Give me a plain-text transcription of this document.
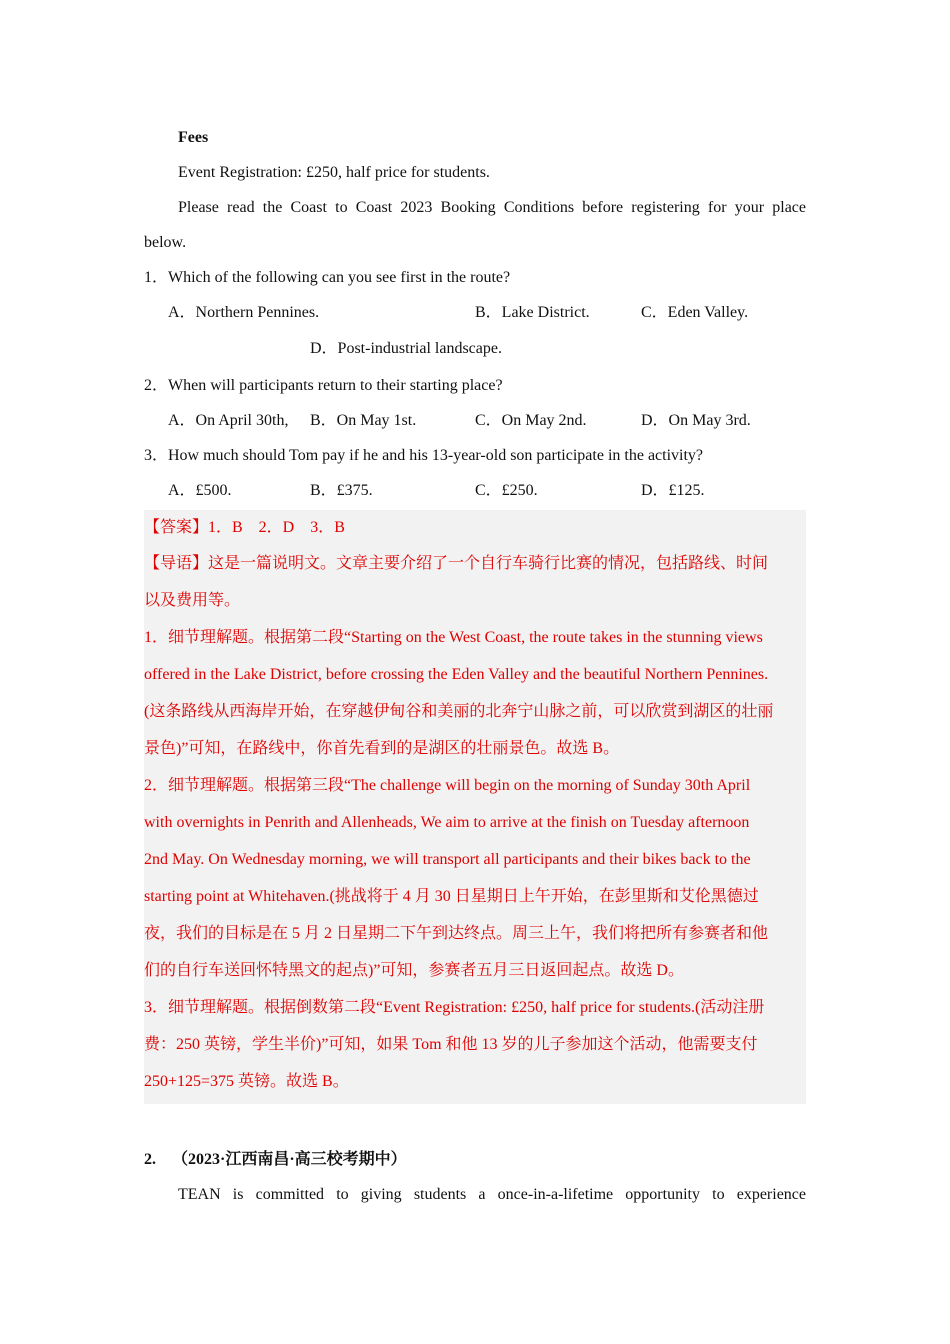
Fees
Event Registration: £250, half price for students.
Please read the Coast to Coast 2023 Booking Conditions before registering for your place
below.
1．Which of the following can you see first in the route?
A．Northern Pennines.	B．Lake District.	C．Eden Valley.
D．Post-industrial landscape.
2．When will participants return to their starting place?
A．On April 30th, B．On May 1st.	C．On May 2nd.	D．On May 3rd.
3．How much should Tom pay if he and his 13-year-old son participate in the activity?
A．£500.	B．£375.	C．£250.	D．£125.
【答案】1．B　2．D　3．B
【导语】这是一篇说明文。文章主要介绍了一个自行车骑行比赛的情况，包括路线、时间
以及费用等。
1．细节理解题。根据第二段“Starting on the West Coast, the route takes in the stunning views
offered in the Lake District, before crossing the Eden Valley and the beautiful Northern Pennines.
(这条路线从西海岸开始，在穿越伊甸谷和美丽的北奔宁山脉之前，可以欣赏到湖区的壮丽
景色)”可知，在路线中，你首先看到的是湖区的壮丽景色。故选 B。
2．细节理解题。根据第三段“The challenge will begin on the morning of Sunday 30th April
with overnights in Penrith and Allenheads, We aim to arrive at the finish on Tuesday afternoon
2nd May. On Wednesday morning, we will transport all participants and their bikes back to the
starting point at Whitehaven.(挑战将于 4 月 30 日星期日上午开始，在彭里斯和艾伦黑德过
夜，我们的目标是在 5 月 2 日星期二下午到达终点。周三上午，我们将把所有参赛者和他
们的自行车送回怀特黑文的起点)”可知，参赛者五月三日返回起点。故选 D。
3．细节理解题。根据倒数第二段“Event Registration: £250, half price for students.(活动注册
费：250 英镑，学生半价)”可知，如果 Tom 和他 13 岁的儿子参加这个活动，他需要支付
250+125=375 英镑。故选 B。
2. （2023·江西南昌·高三校考期中）
TEAN is committed to giving students a once-in-a-lifetime opportunity to experience
